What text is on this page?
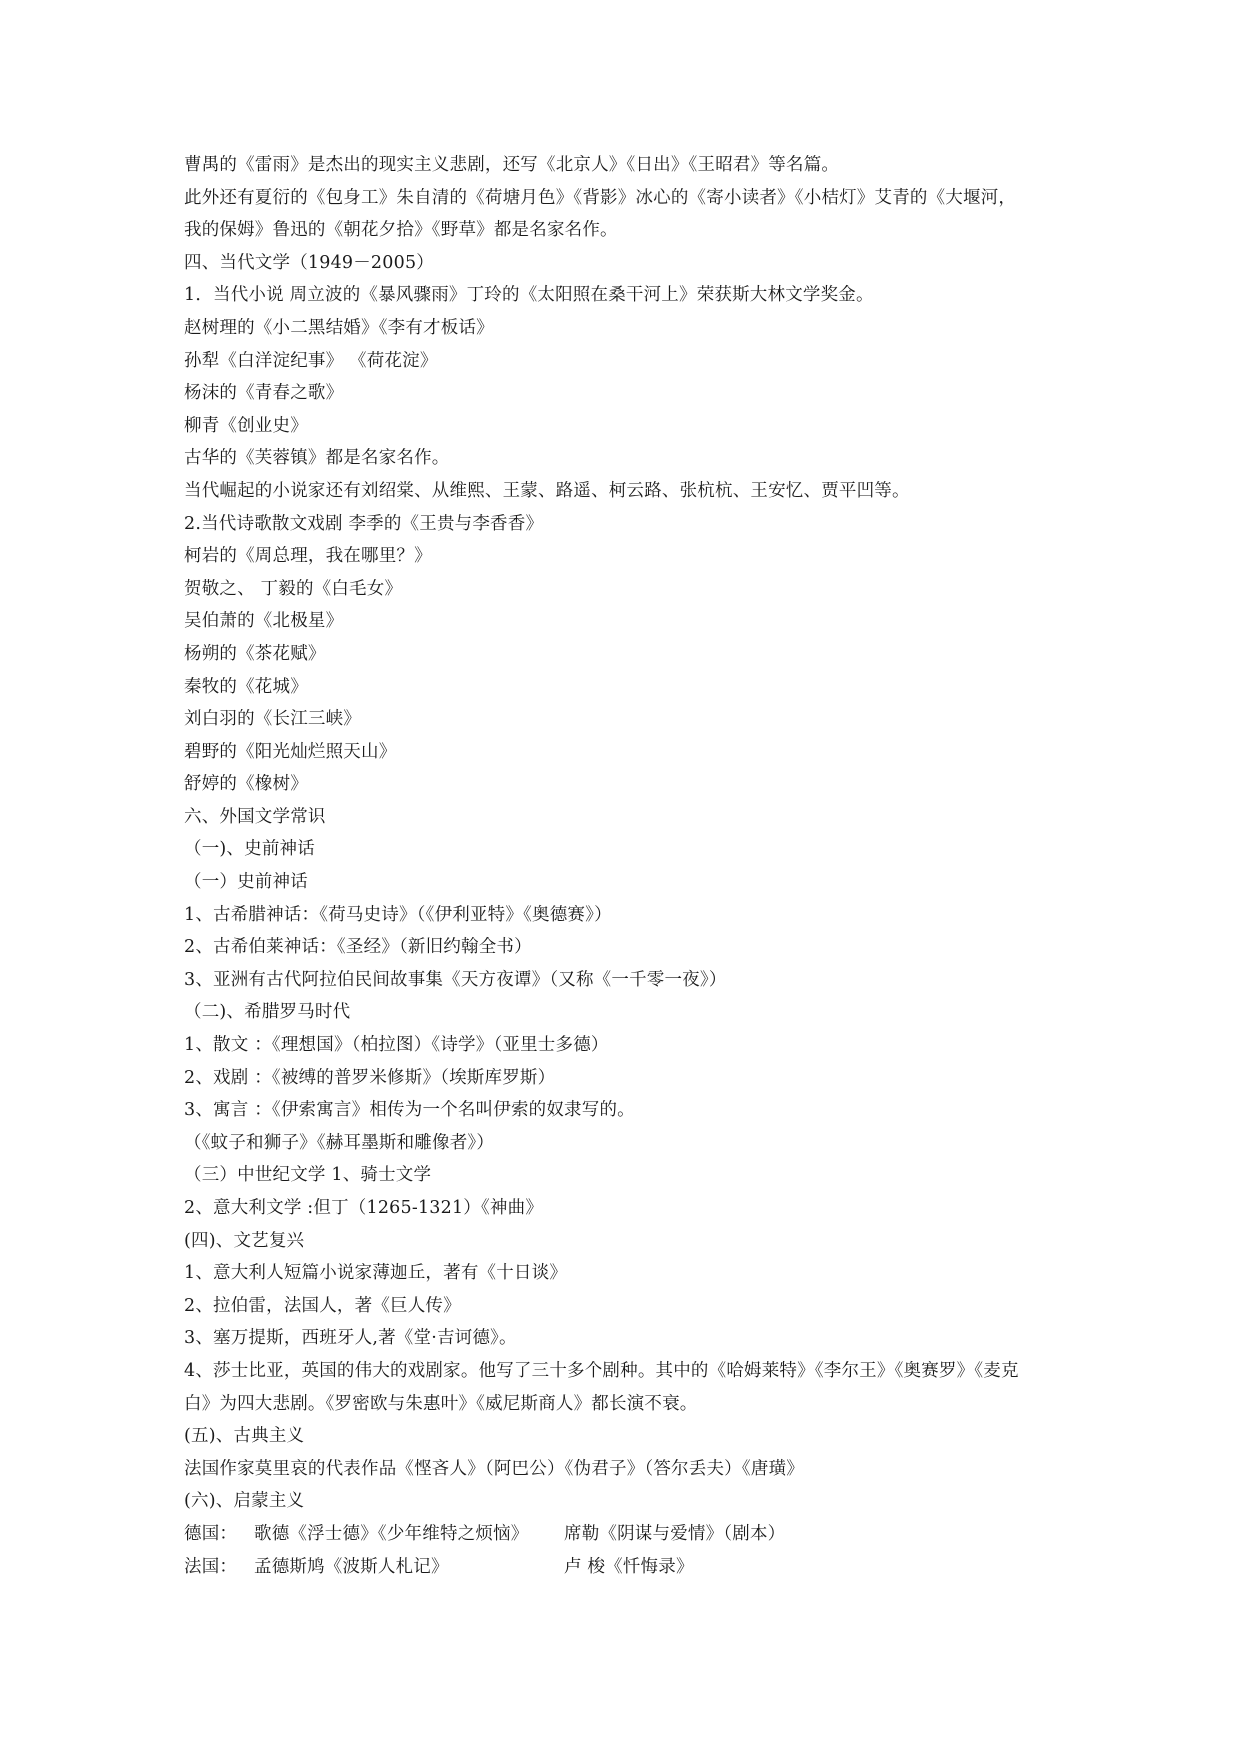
曹禺的《雷雨》是杰出的现实主义悲剧，还写《北京人》《日出》《王昭君》等名篇。
此外还有夏衍的《包身工》朱自清的《荷塘月色》《背影》冰心的《寄小读者》《小桔灯》艾青的《大堰河，
我的保姆》鲁迅的《朝花夕拾》《野草》都是名家名作。
四、当代文学（1949－2005）
1．当代小说 周立波的《暴风骤雨》丁玲的《太阳照在桑干河上》荣获斯大林文学奖金。
赵树理的《小二黑结婚》《李有才板话》
孙犁《白洋淀纪事》 《荷花淀》
杨沫的《青春之歌》
柳青《创业史》
古华的《芙蓉镇》都是名家名作。
当代崛起的小说家还有刘绍棠、从维熙、王蒙、路遥、柯云路、张杭杭、王安忆、贾平凹等。
2.当代诗歌散文戏剧 李季的《王贵与李香香》
柯岩的《周总理，我在哪里？》
贺敬之、 丁毅的《白毛女》
吴伯萧的《北极星》
杨朔的《茶花赋》
秦牧的《花城》
刘白羽的《长江三峡》
碧野的《阳光灿烂照天山》
舒婷的《橡树》
六、外国文学常识
（一)、史前神话
（一）史前神话
1、古希腊神话：《荷马史诗》（《伊利亚特》《奥德赛》）
2、古希伯莱神话：《圣经》（新旧约翰全书）
3、亚洲有古代阿拉伯民间故事集《天方夜谭》（又称《一千零一夜》）
（二)、希腊罗马时代
1、散文 ：《理想国》（柏拉图）《诗学》（亚里士多德）
2、戏剧 ：《被缚的普罗米修斯》（埃斯库罗斯）
3、寓言 ：《伊索寓言》相传为一个名叫伊索的奴隶写的。
（《蚊子和狮子》《赫耳墨斯和雕像者》）
（三）中世纪文学 1、骑士文学
2、意大利文学 :但丁（1265-1321）《神曲》
(四)、文艺复兴
1、意大利人短篇小说家薄迦丘，著有《十日谈》
2、拉伯雷，法国人，著《巨人传》
3、塞万提斯，西班牙人,著《堂·吉诃德》。
4、莎士比亚，英国的伟大的戏剧家。他写了三十多个剧种。其中的《哈姆莱特》《李尔王》《奥赛罗》《麦克
白》为四大悲剧。《罗密欧与朱惠叶》《威尼斯商人》都长演不衰。
(五)、古典主义
法国作家莫里哀的代表作品《悭吝人》（阿巴公）《伪君子》（答尔丢夫）《唐璜》
(六)、启蒙主义
德国： 歌德《浮士德》《少年维特之烦恼》	席勒《阴谋与爱情》（剧本）
法国： 孟德斯鸠《波斯人札记》	卢 梭《忏悔录》
